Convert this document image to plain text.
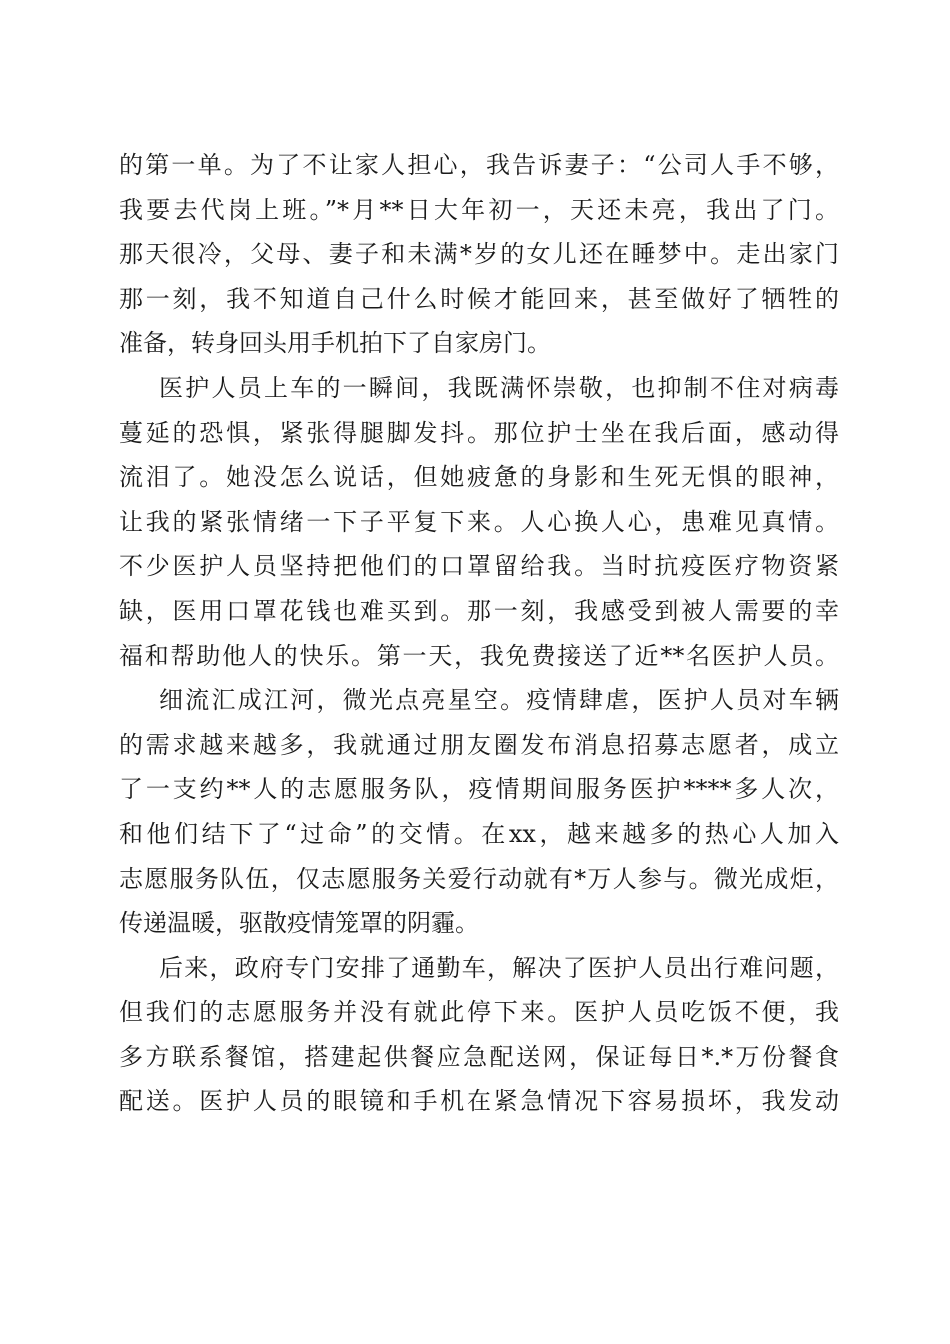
的第一单。为了不让家人担心，我告诉妻子：“公司人手不够，
我要去代岗上班。”*月**日大年初一，天还未亮，我出了门。
那天很冷，父母、妻子和未满*岁的女儿还在睡梦中。走出家门
那一刻，我不知道自己什么时候才能回来，甚至做好了牺牲的
准备，转身回头用手机拍下了自家房门。
医护人员上车的一瞬间，我既满怀崇敬，也抑制不住对病毒
蔓延的恐惧，紧张得腿脚发抖。那位护士坐在我后面，感动得
流泪了。她没怎么说话，但她疲惫的身影和生死无惧的眼神，
让我的紧张情绪一下子平复下来。人心换人心，患难见真情。
不少医护人员坚持把他们的口罩留给我。当时抗疫医疗物资紧
缺，医用口罩花钱也难买到。那一刻，我感受到被人需要的幸
福和帮助他人的快乐。第一天，我免费接送了近**名医护人员。
细流汇成江河，微光点亮星空。疫情肆虐，医护人员对车辆
的需求越来越多，我就通过朋友圈发布消息招募志愿者，成立
了一支约**人的志愿服务队，疫情期间服务医护****多人次，
和他们结下了“过命”的交情。在xx，越来越多的热心人加入
志愿服务队伍，仅志愿服务关爱行动就有*万人参与。微光成炬，
传递温暖，驱散疫情笼罩的阴霾。
后来，政府专门安排了通勤车，解决了医护人员出行难问题，
但我们的志愿服务并没有就此停下来。医护人员吃饭不便，我
多方联系餐馆，搭建起供餐应急配送网，保证每日*.*万份餐食
配送。医护人员的眼镜和手机在紧急情况下容易损坏，我发动
